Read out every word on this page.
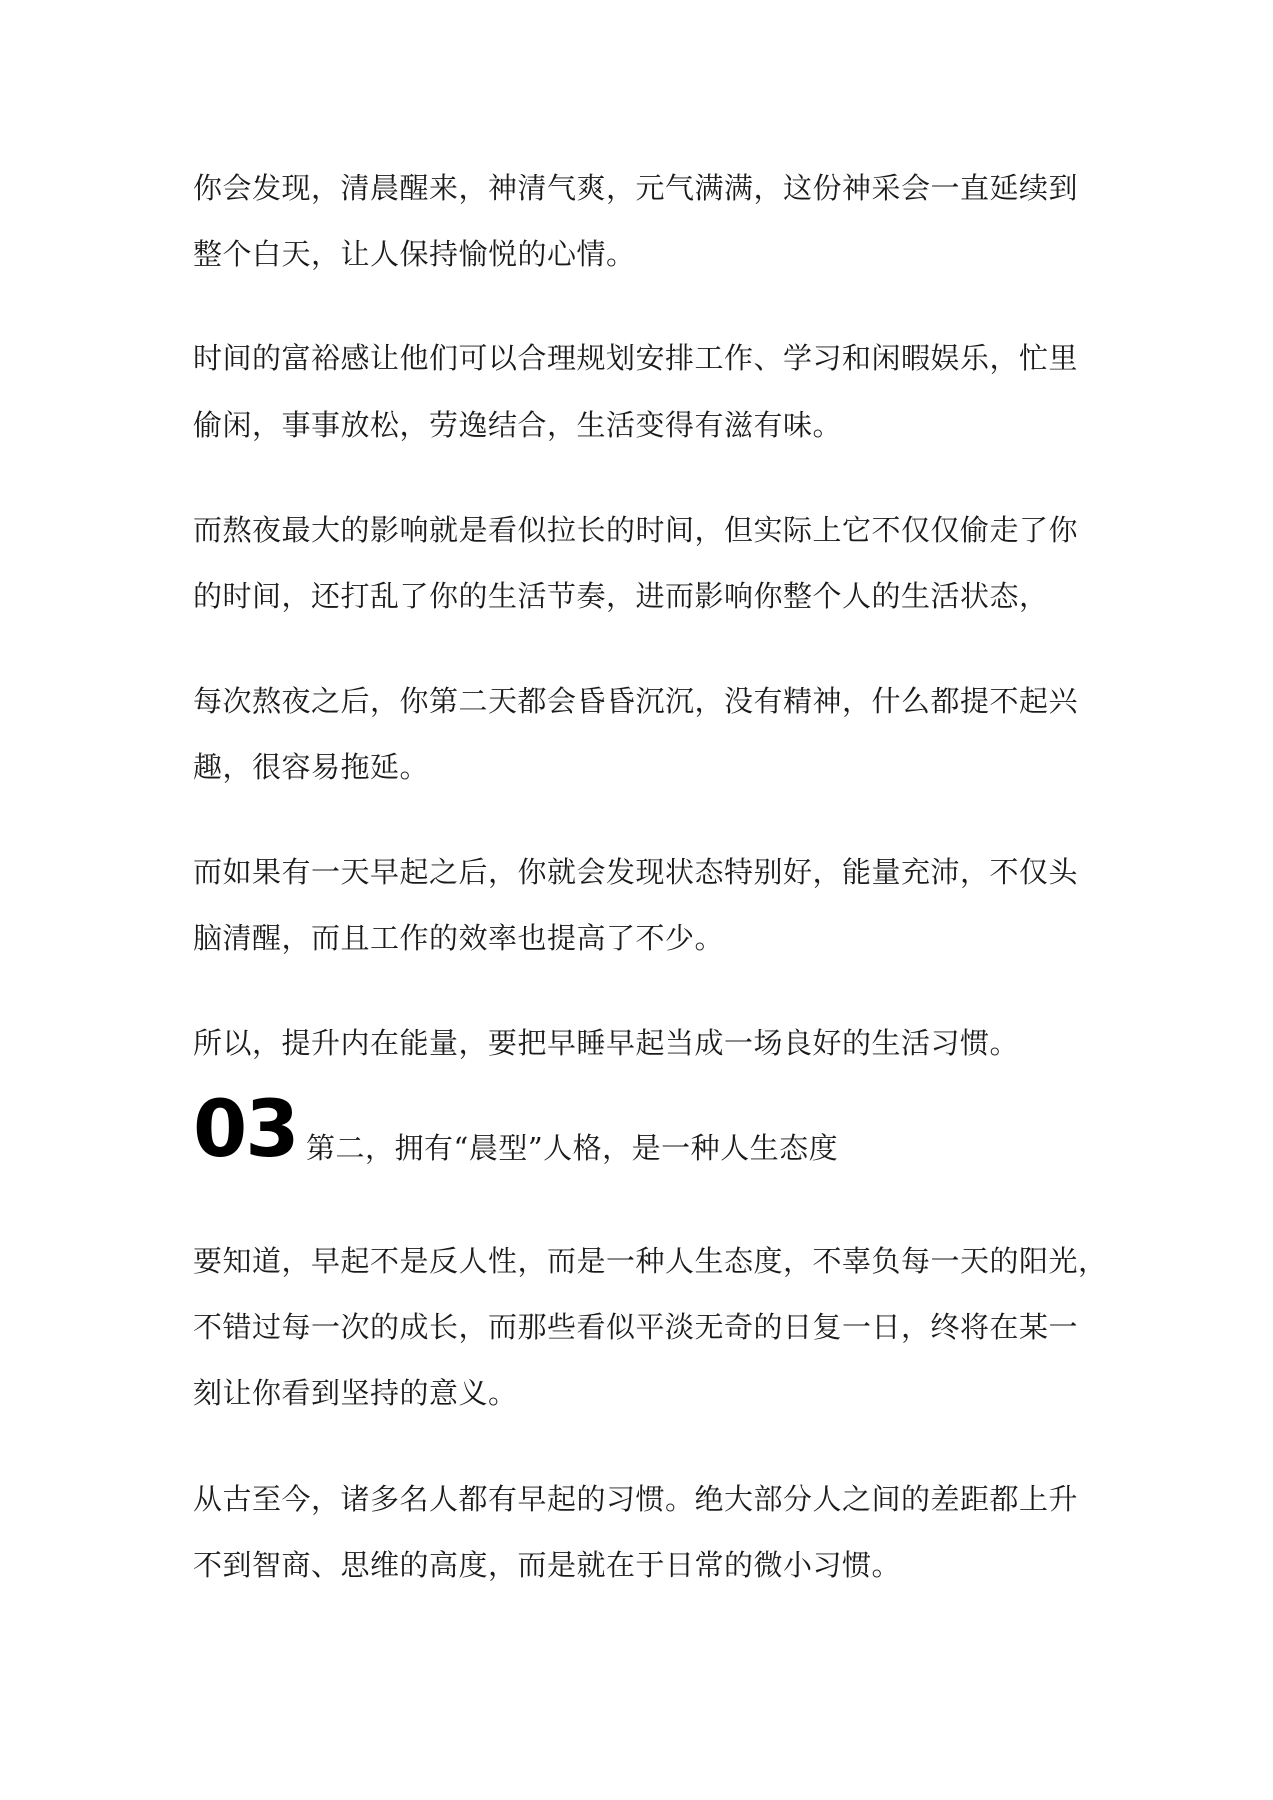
你会发现，清晨醒来，神清气爽，元气满满，这份神采会一直延续到
整个白天，让人保持愉悦的心情。
时间的富裕感让他们可以合理规划安排工作、学习和闲暇娱乐，忙里
偷闲，事事放松，劳逸结合，生活变得有滋有味。
而熬夜最大的影响就是看似拉长的时间，但实际上它不仅仅偷走了你
的时间，还打乱了你的生活节奏，进而影响你整个人的生活状态，
每次熬夜之后，你第二天都会昏昏沉沉，没有精神，什么都提不起兴
趣，很容易拖延。
而如果有一天早起之后，你就会发现状态特别好，能量充沛，不仅头
脑清醒，而且工作的效率也提高了不少。
所以，提升内在能量，要把早睡早起当成一场良好的生活习惯。
03 第二，拥有“晨型”人格，是一种人生态度
要知道，早起不是反人性，而是一种人生态度，不辜负每一天的阳光，
不错过每一次的成长，而那些看似平淡无奇的日复一日，终将在某一
刻让你看到坚持的意义。
从古至今，诸多名人都有早起的习惯。绝大部分人之间的差距都上升
不到智商、思维的高度，而是就在于日常的微小习惯。
